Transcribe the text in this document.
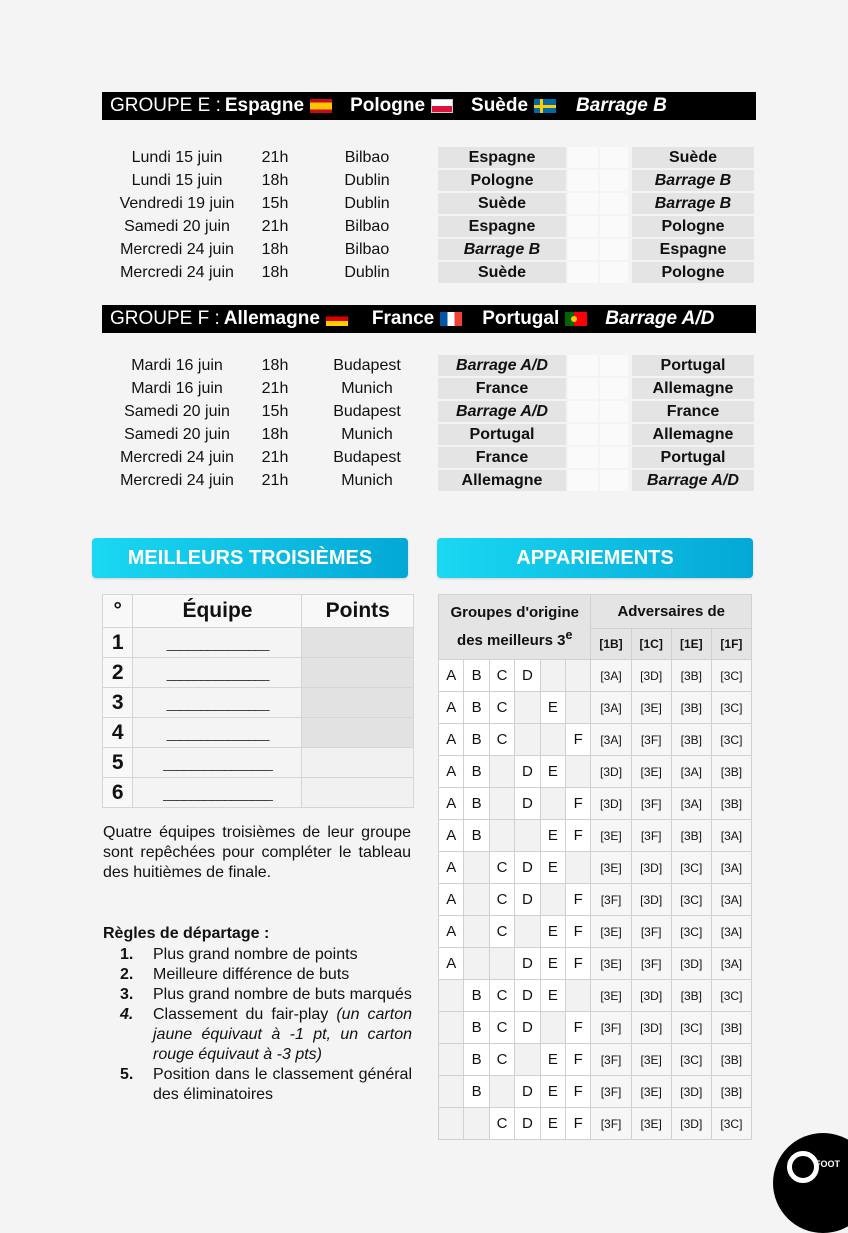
GROUPE E : Espagne Pologne Suède	Barrage B
Lundi 15 juin	21h	Bilbao	Espagne	Suède
Lundi 15 juin	18h	Dublin	Pologne	Barrage B
Vendredi 19 juin	15h	Dublin	Suède	Barrage B
Samedi 20 juin	21h	Bilbao	Espagne	Pologne
Mercredi 24 juin	18h	Bilbao	Barrage B	Espagne
Mercredi 24 juin	18h	Dublin	Suède	Pologne
GROUPE F : Allemagne	France	Portugal Barrage A/D
Mardi 16 juin	18h	Budapest	Barrage A/D	Portugal
Mardi 16 juin	21h	Munich	France	Allemagne
Samedi 20 juin	15h	Budapest	Barrage A/D	France
Samedi 20 juin	18h	Munich	Portugal	Allemagne
Mercredi 24 juin	21h	Budapest	France	Portugal
Mercredi 24 juin	21h	Munich	Allemagne	Barrage A/D
MEILLEURS TROISIÈMES	APPARIEMENTS
°	Équipe	Points
1	_______________	
2	_______________	
3	_______________	
4	_______________	
5	________________	
6	________________	
Quatre équipes troisièmes de leur groupe sont repêchées pour compléter le tableau des huitièmes de finale.
Règles de départage :
1.	Plus grand nombre de points
2.	Meilleure différence de buts
3.	Plus grand nombre de buts marqués
4.	Classement du fair-play (un carton jaune équivaut à -1 pt, un carton rouge équivaut à -3 pts)
5.	Position dans le classement général des éliminatoires
Groupes d'origine
des meilleurs 3e						Adversaires de			
						[1B]	[1C]	[1E]	[1F]
A	B	C	D			[3A]	[3D]	[3B]	[3C]
A	B	C		E		[3A]	[3E]	[3B]	[3C]
A	B	C			F	[3A]	[3F]	[3B]	[3C]
A	B		D	E		[3D]	[3E]	[3A]	[3B]
A	B		D		F	[3D]	[3F]	[3A]	[3B]
A	B			E	F	[3E]	[3F]	[3B]	[3A]
A		C	D	E		[3E]	[3D]	[3C]	[3A]
A		C	D		F	[3F]	[3D]	[3C]	[3A]
A		C		E	F	[3E]	[3F]	[3C]	[3A]
A			D	E	F	[3E]	[3F]	[3D]	[3A]
	B	C	D	E		[3E]	[3D]	[3B]	[3C]
	B	C	D		F	[3F]	[3D]	[3C]	[3B]
	B	C		E	F	[3F]	[3E]	[3C]	[3B]
	B		D	E	F	[3F]	[3E]	[3D]	[3B]
		C	D	E	F	[3F]	[3E]	[3D]	[3C]
FOOT
